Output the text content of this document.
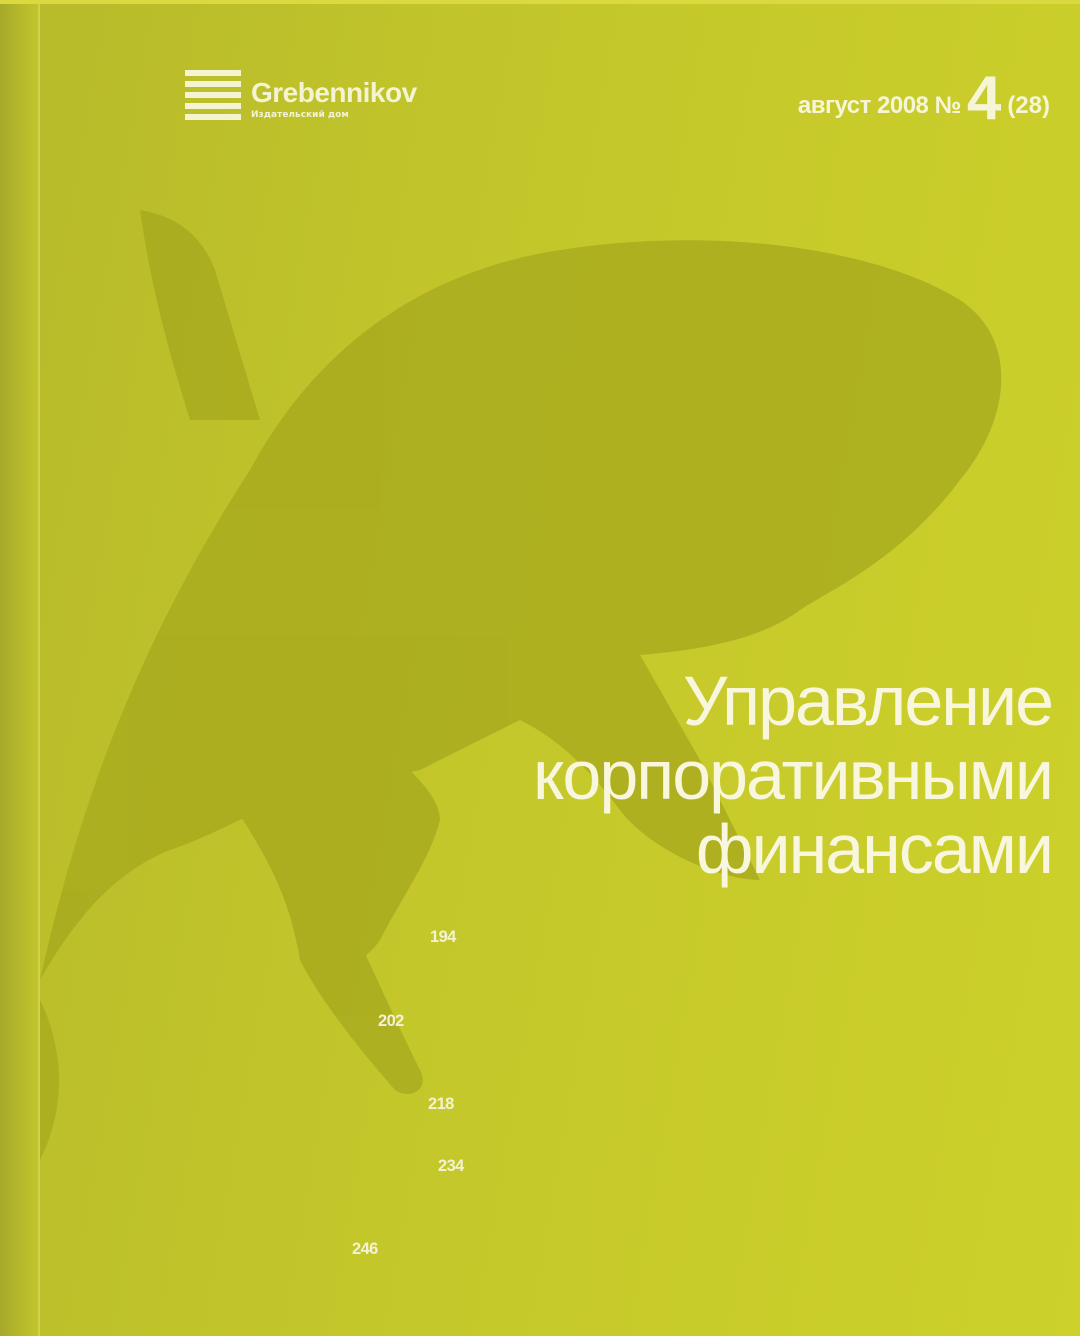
Grebennikov
Издательский дом	август 2008 № 4 (28)
Управление
корпоративными
финансами
194
202
218
234
246
